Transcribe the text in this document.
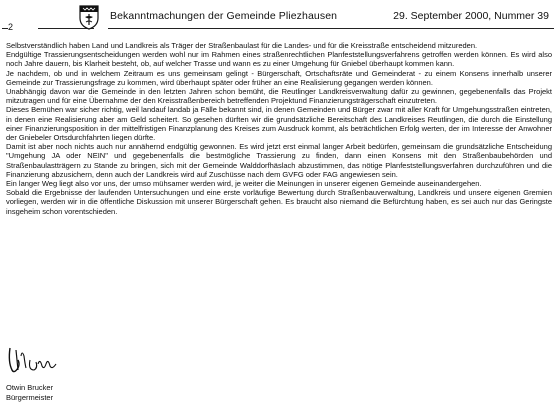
2
Bekanntmachungen der Gemeinde Pliezhausen	29. September 2000, Nummer 39

Selbstverständlich haben Land und Landkreis als Träger der Straßenbaulast für die Landes- und für die Kreisstraße entscheidend mitzureden.

Endgültige Trassierungsentscheidungen werden wohl nur im Rahmen eines straßenrechtlichen Planfeststellungsverfahrens getroffen werden können. Es wird also noch Jahre dauern, bis Klarheit besteht, ob, auf welcher Trasse und wann es zu einer Umgehung für Gniebel überhaupt kommen kann.

Je nachdem, ob und in welchem Zeitraum es uns gemeinsam gelingt - Bürgerschaft, Ortschaftsräte und Gemeinderat - zu einem Konsens innerhalb unserer Gemeinde zur Trassierungsfrage zu kommen, wird überhaupt später oder früher an eine Realisierung gegangen werden können.

Unabhängig davon war die Gemeinde in den letzten Jahren schon bemüht, die Reutlinger Landkreisverwaltung dafür zu gewinnen, gegebenenfalls das Projekt mitzutragen und für eine Übernahme der den Kreisstraßenbereich betreffenden Projektund Finanzierungsträgerschaft einzutreten.

Dieses Bemühen war sicher richtig, weil landauf landab ja Fälle bekannt sind, in denen Gemeinden und Bürger zwar mit aller Kraft für Umgehungsstraßen eintreten, in denen eine Realisierung aber am Geld scheitert. So gesehen dürften wir die grundsätzliche Bereitschaft des Landkreises Reutlingen, die durch die Einstellung einer Finanzierungsposition in der mittelfristigen Finanzplanung des Kreises zum Ausdruck kommt, als beträchtlichen Erfolg werten, der im Interesse der Anwohner der Gniebeler Ortsdurchfahrten liegen dürfte.

Damit ist aber noch nichts auch nur annähernd endgültig gewonnen. Es wird jetzt erst einmal langer Arbeit bedürfen, gemeinsam die grundsätzliche Entscheidung "Umgehung JA oder NEIN" und gegebenenfalls die bestmögliche Trassierung zu finden, dann einen Konsens mit den Straßenbaubehörden und Straßenbaulastträgern zu Stande zu bringen, sich mit der Gemeinde Walddorfhäslach abzustimmen, das nötige Planfeststellungsverfahren durchzuführen und die Finanzierung abzusichern, denn auch der Landkreis wird auf Zuschüsse nach dem GVFG oder FAG angewiesen sein.

Ein langer Weg liegt also vor uns, der umso mühsamer werden wird, je weiter die Meinungen in unserer eigenen Gemeinde auseinandergehen.

Sobald die Ergebnisse der laufenden Untersuchungen und eine erste vorläufige Bewertung durch Straßenbauverwaltung, Landkreis und unsere eigenen Gremien vorliegen, werden wir in die öffentliche Diskussion mit unserer Bürgerschaft gehen. Es braucht also niemand die Befürchtung haben, es sei auch nur das Geringste insgeheim schon vorentschieden.

Otwin Brucker
Bürgermeister
